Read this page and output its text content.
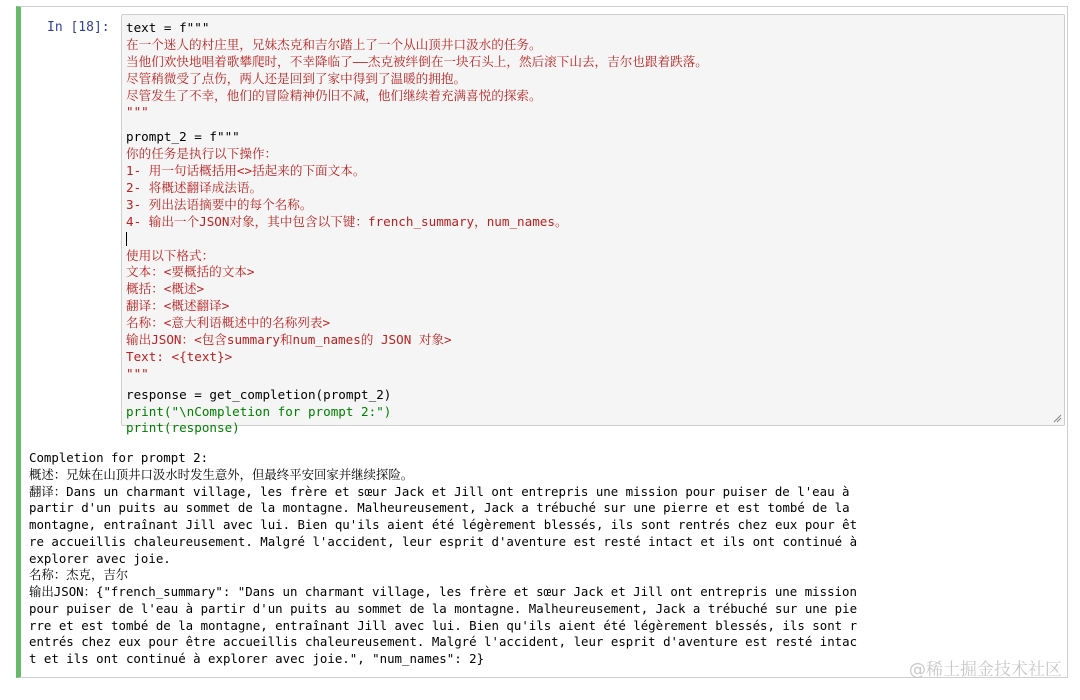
In [18]: text = f"""
在一个迷人的村庄里，兄妹杰克和吉尔踏上了一个从山顶井口汲水的任务。
当他们欢快地唱着歌攀爬时，不幸降临了——杰克被绊倒在一块石头上，然后滚下山去，吉尔也跟着跌落。
尽管稍微受了点伤，两人还是回到了家中得到了温暖的拥抱。
尽管发生了不幸，他们的冒险精神仍旧不减，他们继续着充满喜悦的探索。
"""
prompt_2 = f"""
你的任务是执行以下操作：
1- 用一句话概括用<>括起来的下面文本。
2- 将概述翻译成法语。
3- 列出法语摘要中的每个名称。
4- 输出一个JSON对象，其中包含以下键：french_summary，num_names。
使用以下格式：
文本：<要概括的文本>
概括：<概述>
翻译：<概述翻译>
名称：<意大利语概述中的名称列表>
输出JSON：<包含summary和num_names的 JSON 对象>
Text: <{text}>
"""
response = get_completion(prompt_2)
print("\nCompletion for prompt 2:")
print(response)
Completion for prompt 2:
概述：兄妹在山顶井口汲水时发生意外，但最终平安回家并继续探险。
翻译：Dans un charmant village, les frère et sœur Jack et Jill ont entrepris une mission pour puiser de l'eau à
partir d'un puits au sommet de la montagne. Malheureusement, Jack a trébuché sur une pierre et est tombé de la
montagne, entraînant Jill avec lui. Bien qu'ils aient été légèrement blessés, ils sont rentrés chez eux pour êt
re accueillis chaleureusement. Malgré l'accident, leur esprit d'aventure est resté intact et ils ont continué à
explorer avec joie.
名称：杰克，吉尔
输出JSON：{"french_summary": "Dans un charmant village, les frère et sœur Jack et Jill ont entrepris une mission
pour puiser de l'eau à partir d'un puits au sommet de la montagne. Malheureusement, Jack a trébuché sur une pie
rre et est tombé de la montagne, entraînant Jill avec lui. Bien qu'ils aient été légèrement blessés, ils sont r
entrés chez eux pour être accueillis chaleureusement. Malgré l'accident, leur esprit d'aventure est resté intac
t et ils ont continué à explorer avec joie.", "num_names": 2}
@稀土掘金技术社区
